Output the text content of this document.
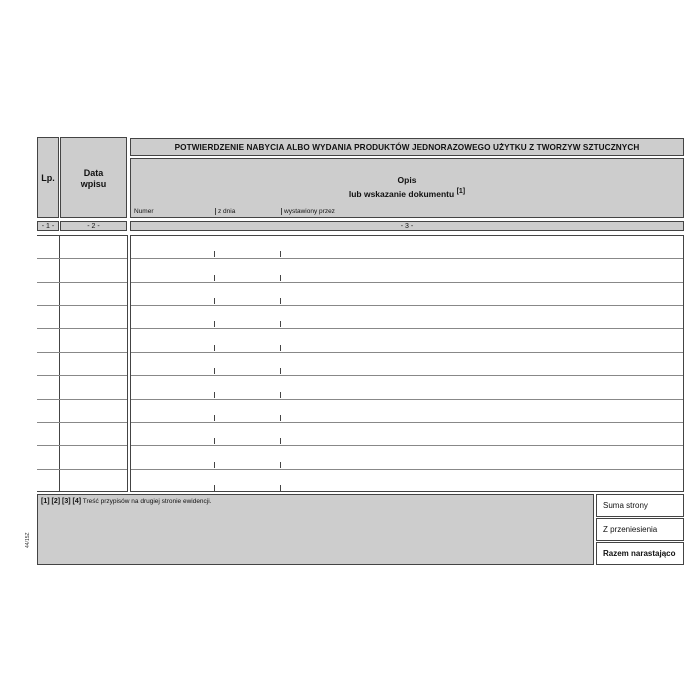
Lp.	Data
wpisu
POTWIERDZENIE NABYCIA ALBO WYDANIA PRODUKTÓW JEDNORAZOWEGO UŻYTKU Z TWORZYW SZTUCZNYCH
Opis
lub wskazanie dokumentu [1]
Numer	z dnia	wystawiony przez
- 1 -	- 2 -	- 3 -
[1] [2] [3] [4] Treść przypisów na drugiej stronie ewidencji.	Suma strony
Z przeniesienia
Razem narastająco
44/15Z
